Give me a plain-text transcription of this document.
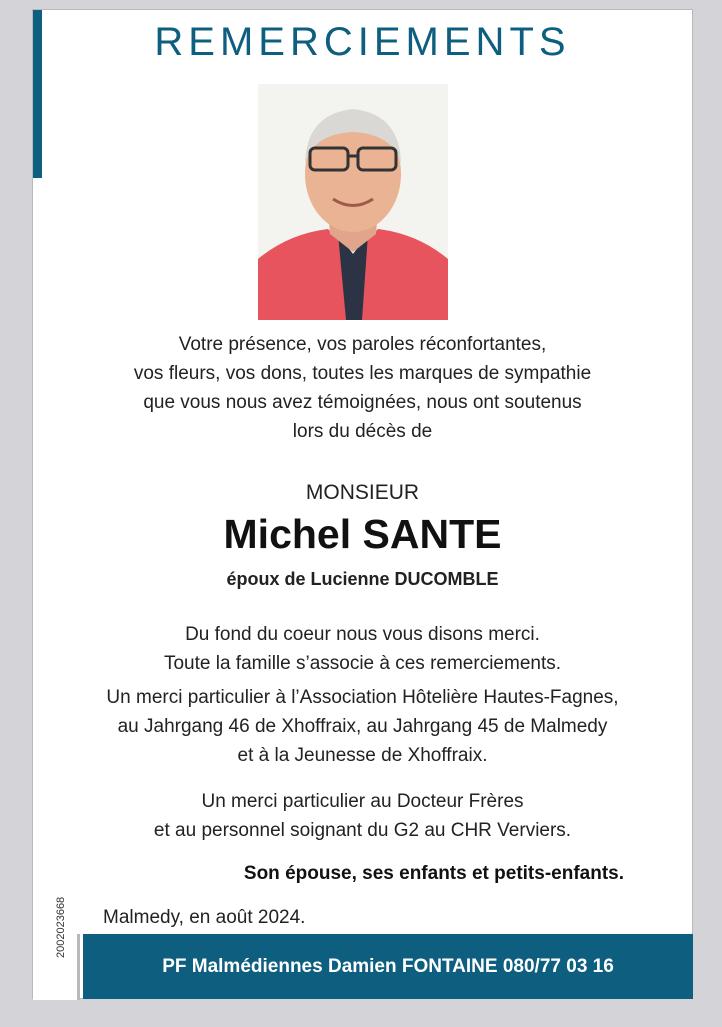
REMERCIEMENTS
Votre présence, vos paroles réconfortantes,
vos fleurs, vos dons, toutes les marques de sympathie
que vous nous avez témoignées, nous ont soutenus
lors du décès de
MONSIEUR
Michel SANTE
époux de Lucienne DUCOMBLE
Du fond du coeur nous vous disons merci.
Toute la famille s’associe à ces remerciements.
Un merci particulier à l’Association Hôtelière Hautes-Fagnes,
au Jahrgang 46 de Xhoffraix, au Jahrgang 45 de Malmedy
et à la Jeunesse de Xhoffraix.
Un merci particulier au Docteur Frères
et au personnel soignant du G2 au CHR Verviers.
Son épouse, ses enfants et petits-enfants.
Malmedy, en août 2024.
2002023668
PF Malmédiennes Damien FONTAINE 080/77 03 16
